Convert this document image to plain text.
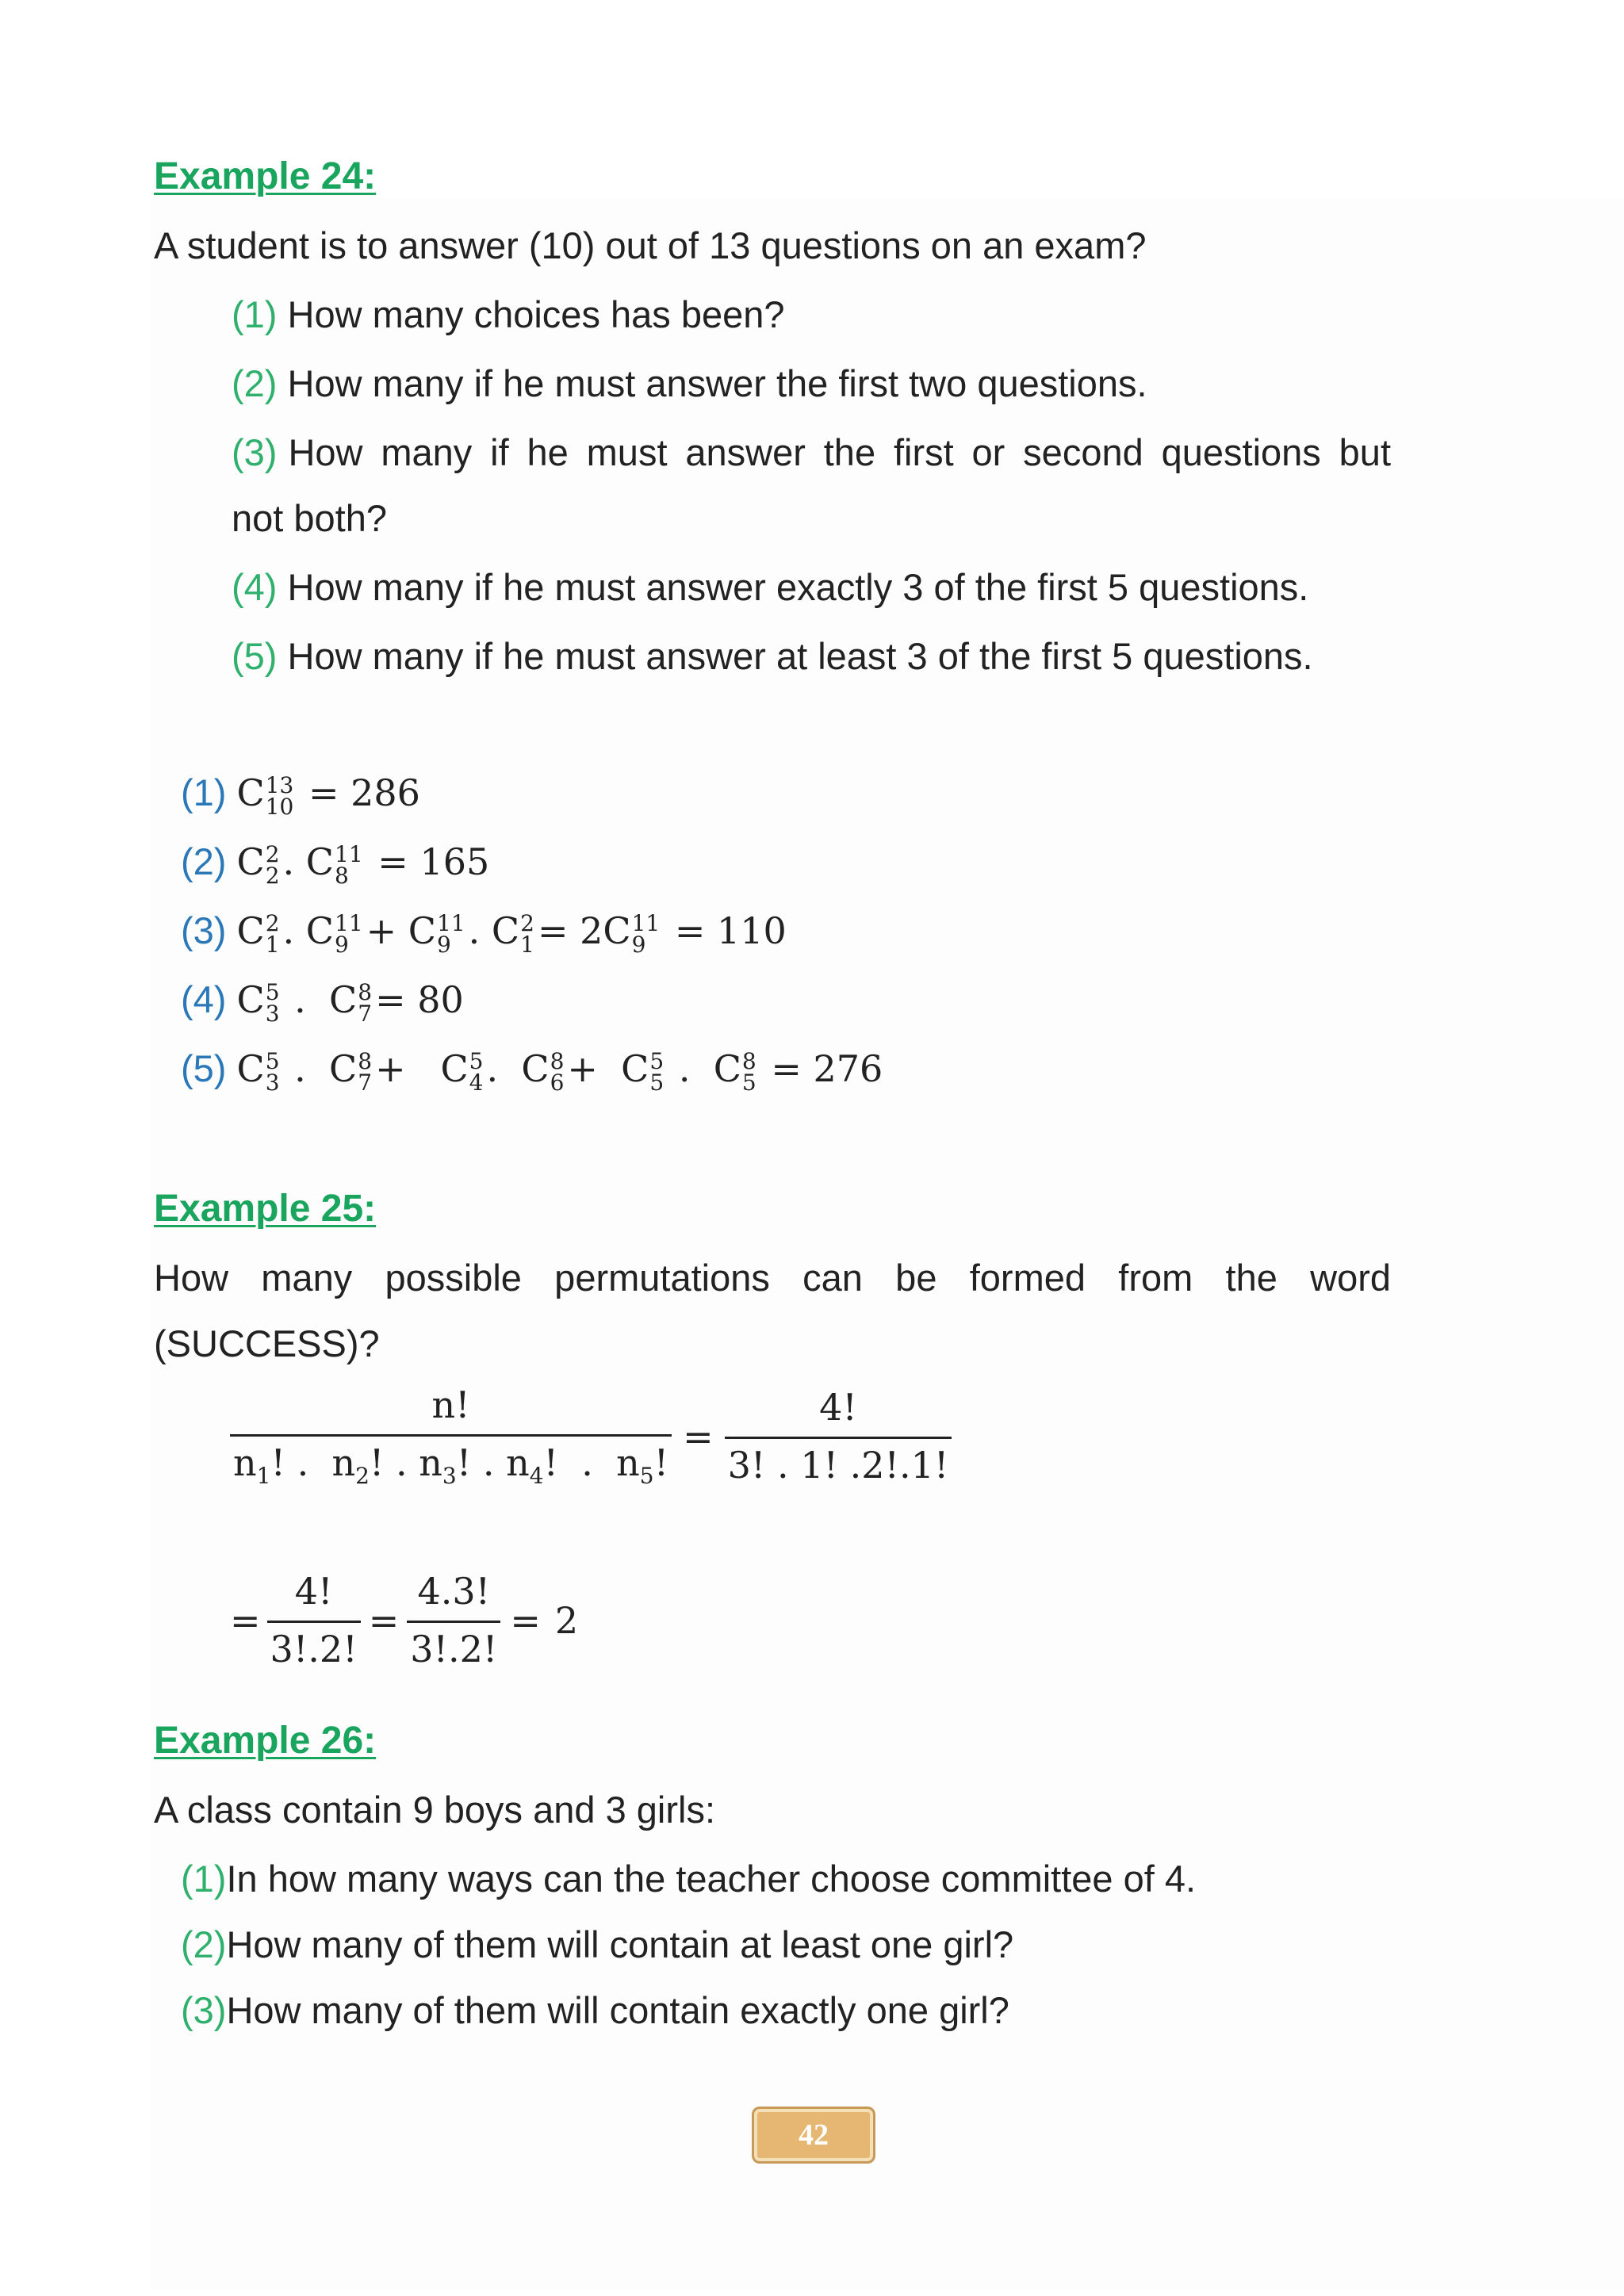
Example 24:
A student is to answer (10) out of 13 questions on an exam?
(1) How many choices has been?
(2) How many if he must answer the first two questions.
(3) How many if he must answer the first or second questions but
not both?
(4) How many if he must answer exactly 3 of the first 5 questions.
(5) How many if he must answer at least 3 of the first 5 questions.
(1) C 13
10 = 286
(2) C 2
2 . C 11
8 = 165
(3) C 2
1 . C 11
9 + C 11
9 . C 2
1 = 2C 11
9 = 110
(4) C 5
3 .  C 8
7 = 80
(5) C 5
3 .  C 8
7 +   C 5
4 .  C 8
6 +  C 5
5 .  C 8
5 = 276
Example 25:
How many possible permutations can be formed from the word
(SUCCESS)?
$\frac{n!}{n_1! . n_2! . n_3! . n_4! . n_5!} = \frac{4!}{3! . 1! .2!.1!}$
= $\frac{4!}{3!.2!} = \frac{4.3!}{3!.2!} = 2$
Example 26:
A class contain 9 boys and 3 girls:
(1)In how many ways can the teacher choose committee of 4.
(2)How many of them will contain at least one girl?
(3)How many of them will contain exactly one girl?
42
